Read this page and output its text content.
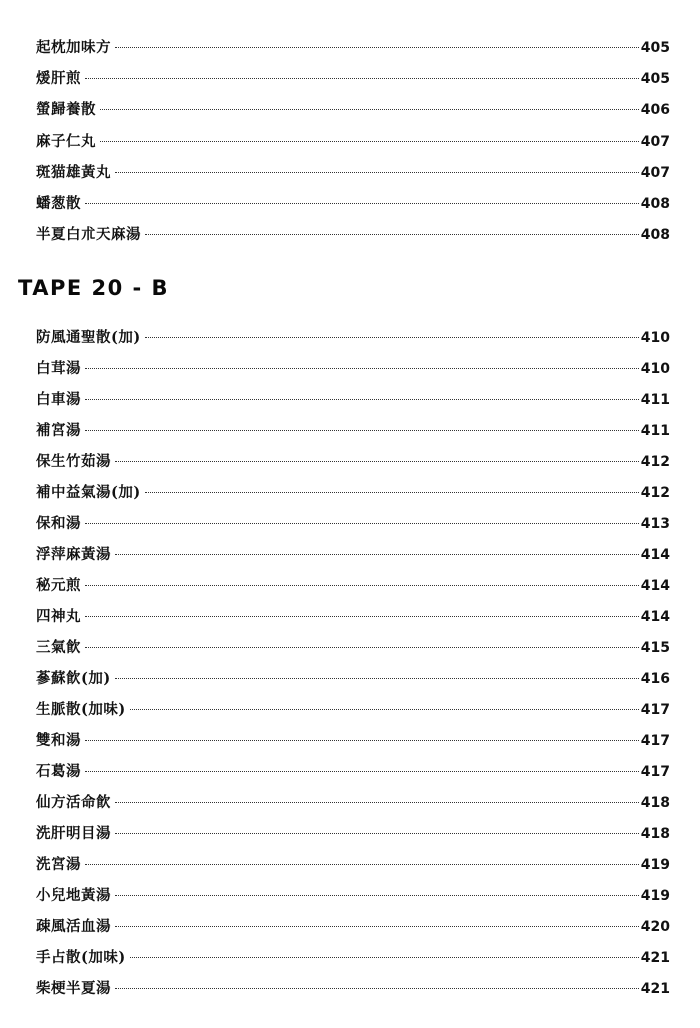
起枕加味方	405
煖肝煎	405
螢歸養散	406
麻子仁丸	407
斑猫雄黃丸	407
蟠葱散	408
半夏白朮天麻湯	408
TAPE 20 - B
防風通聖散(加)	410
白茸湯	410
白車湯	411
補宮湯	411
保生竹茹湯	412
補中益氣湯(加)	412
保和湯	413
浮萍麻黃湯	414
秘元煎	414
四神丸	414
三氣飮	415
蔘蘇飮(加)	416
生脈散(加味)	417
雙和湯	417
石葛湯	417
仙方活命飮	418
洗肝明目湯	418
洗宮湯	419
小兒地黃湯	419
疎風活血湯	420
手占散(加味)	421
柴梗半夏湯	421
